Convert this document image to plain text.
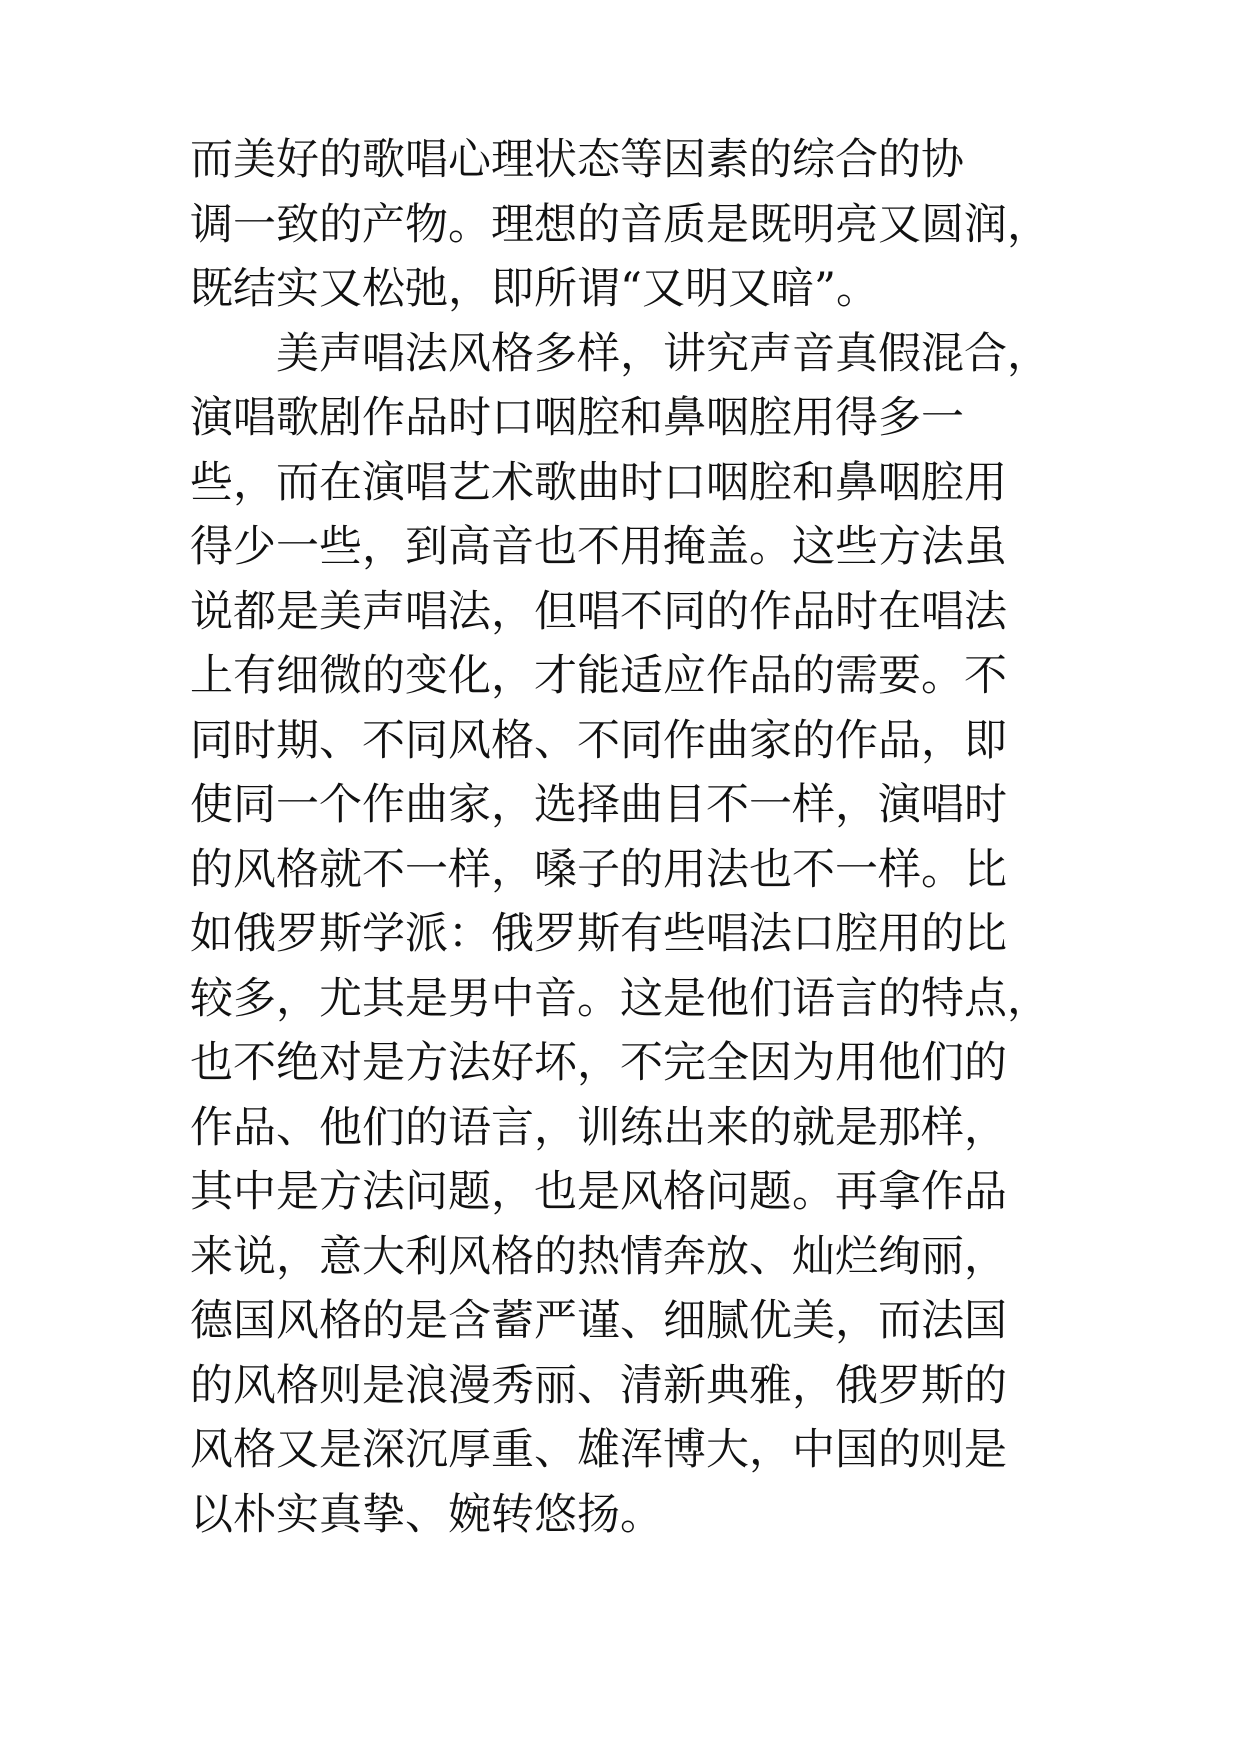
而美好的歌唱心理状态等因素的综合的协
调一致的产物。理想的音质是既明亮又圆润，
既结实又松弛，即所谓“又明又暗”。
美声唱法风格多样，讲究声音真假混合，
演唱歌剧作品时口咽腔和鼻咽腔用得多一
些，而在演唱艺术歌曲时口咽腔和鼻咽腔用
得少一些，到高音也不用掩盖。这些方法虽
说都是美声唱法，但唱不同的作品时在唱法
上有细微的变化，才能适应作品的需要。不
同时期、不同风格、不同作曲家的作品，即
使同一个作曲家，选择曲目不一样，演唱时
的风格就不一样，嗓子的用法也不一样。比
如俄罗斯学派：俄罗斯有些唱法口腔用的比
较多，尤其是男中音。这是他们语言的特点，
也不绝对是方法好坏，不完全因为用他们的
作品、他们的语言，训练出来的就是那样，
其中是方法问题，也是风格问题。再拿作品
来说，意大利风格的热情奔放、灿烂绚丽，
德国风格的是含蓄严谨、细腻优美，而法国
的风格则是浪漫秀丽、清新典雅，俄罗斯的
风格又是深沉厚重、雄浑博大，中国的则是
以朴实真挚、婉转悠扬。
